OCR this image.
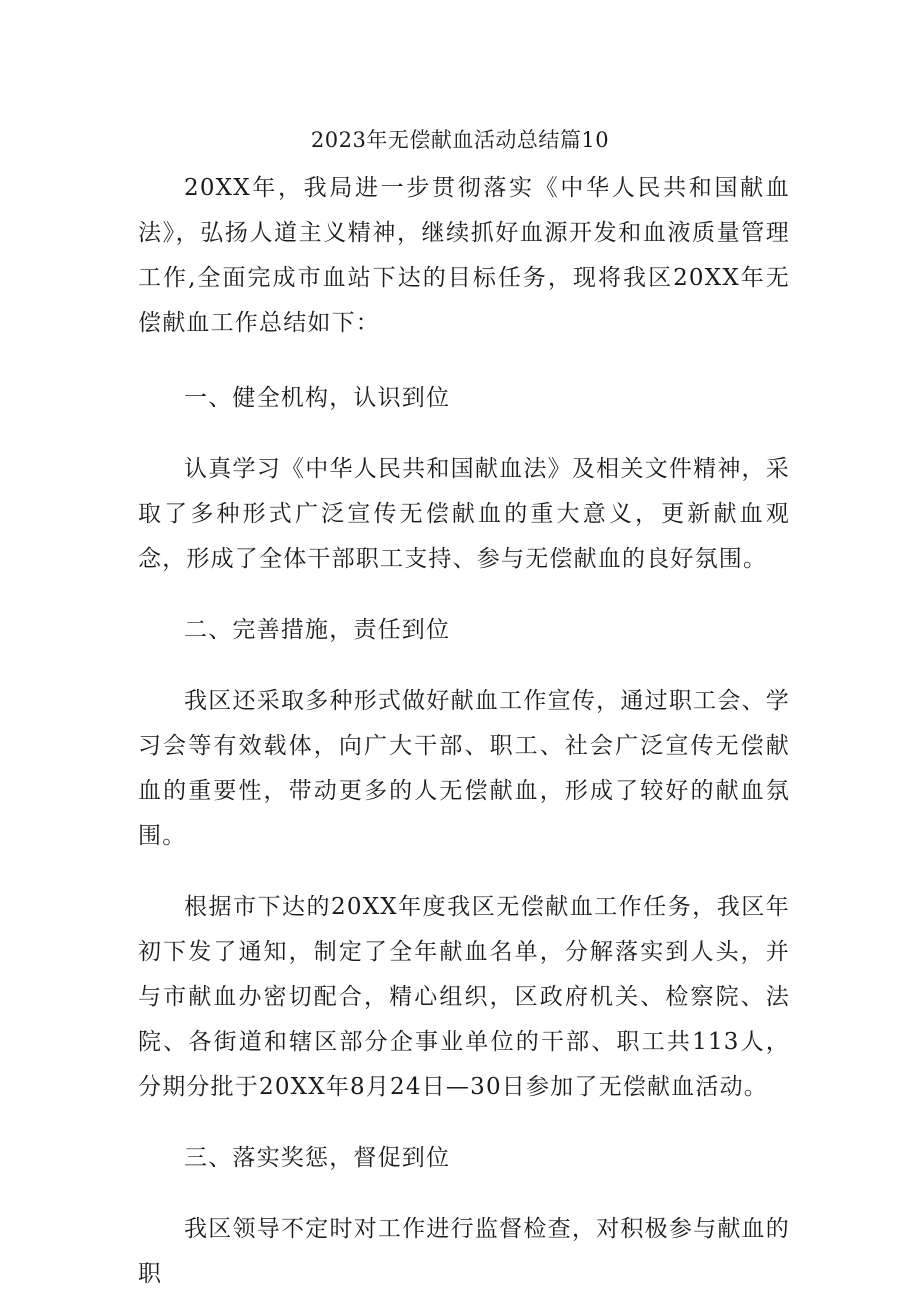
2023年无偿献血活动总结篇10

20XX年，我局进一步贯彻落实《中华人民共和国献血法》，弘扬人道主义精神，继续抓好血源开发和血液质量管理工作,全面完成市血站下达的目标任务，现将我区20XX年无偿献血工作总结如下：

一、健全机构，认识到位

认真学习《中华人民共和国献血法》及相关文件精神，采取了多种形式广泛宣传无偿献血的重大意义，更新献血观念，形成了全体干部职工支持、参与无偿献血的良好氛围。

二、完善措施，责任到位

我区还采取多种形式做好献血工作宣传，通过职工会、学习会等有效载体，向广大干部、职工、社会广泛宣传无偿献血的重要性，带动更多的人无偿献血，形成了较好的献血氛围。

根据市下达的20XX年度我区无偿献血工作任务，我区年初下发了通知，制定了全年献血名单，分解落实到人头，并与市献血办密切配合，精心组织，区政府机关、检察院、法院、各街道和辖区部分企事业单位的干部、职工共113人，分期分批于20XX年8月24日—30日参加了无偿献血活动。

三、落实奖惩，督促到位

我区领导不定时对工作进行监督检查，对积极参与献血的职
